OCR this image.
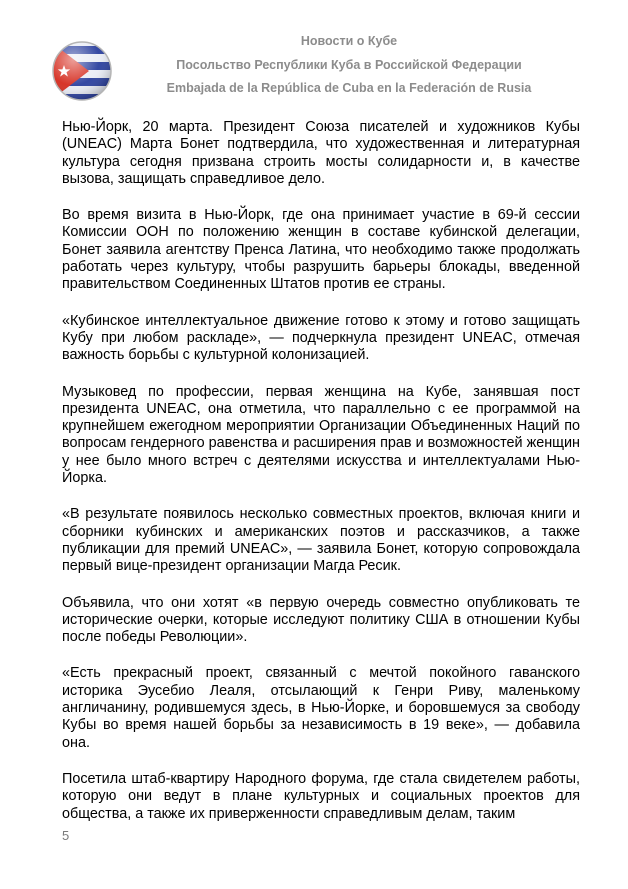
Новости о Кубе
Посольство Республики Куба в Российской Федерации
Embajada de la República de Cuba en la Federación de Rusia

Нью-Йорк, 20 марта. Президент Союза писателей и художников Кубы (UNEAC) Марта Бонет подтвердила, что художественная и литературная культура сегодня призвана строить мосты солидарности и, в качестве вызова, защищать справедливое дело.

Во время визита в Нью-Йорк, где она принимает участие в 69-й сессии Комиссии ООН по положению женщин в составе кубинской делегации, Бонет заявила агентству Пренса Латина, что необходимо также продолжать работать через культуру, чтобы разрушить барьеры блокады, введенной правительством Соединенных Штатов против ее страны.

«Кубинское интеллектуальное движение готово к этому и готово защищать Кубу при любом раскладе», — подчеркнула президент UNEAC, отмечая важность борьбы с культурной колонизацией.

Музыковед по профессии, первая женщина на Кубе, занявшая пост президента UNEAC, она отметила, что параллельно с ее программой на крупнейшем ежегодном мероприятии Организации Объединенных Наций по вопросам гендерного равенства и расширения прав и возможностей женщин у нее было много встреч с деятелями искусства и интеллектуалами Нью-Йорка.

«В результате появилось несколько совместных проектов, включая книги и сборники кубинских и американских поэтов и рассказчиков, а также публикации для премий UNEAC», — заявила Бонет, которую сопровождала первый вице-президент организации Магда Ресик.

Объявила, что они хотят «в первую очередь совместно опубликовать те исторические очерки, которые исследуют политику США в отношении Кубы после победы Революции».

«Есть прекрасный проект, связанный с мечтой покойного гаванского историка Эусебио Леаля, отсылающий к Генри Риву, маленькому англичанину, родившемуся здесь, в Нью-Йорке, и боровшемуся за свободу Кубы во время нашей борьбы за независимость в 19 веке», — добавила она.

Посетила штаб-квартиру Народного форума, где стала свидетелем работы, которую они ведут в плане культурных и социальных проектов для общества, а также их приверженности справедливым делам, таким

5
